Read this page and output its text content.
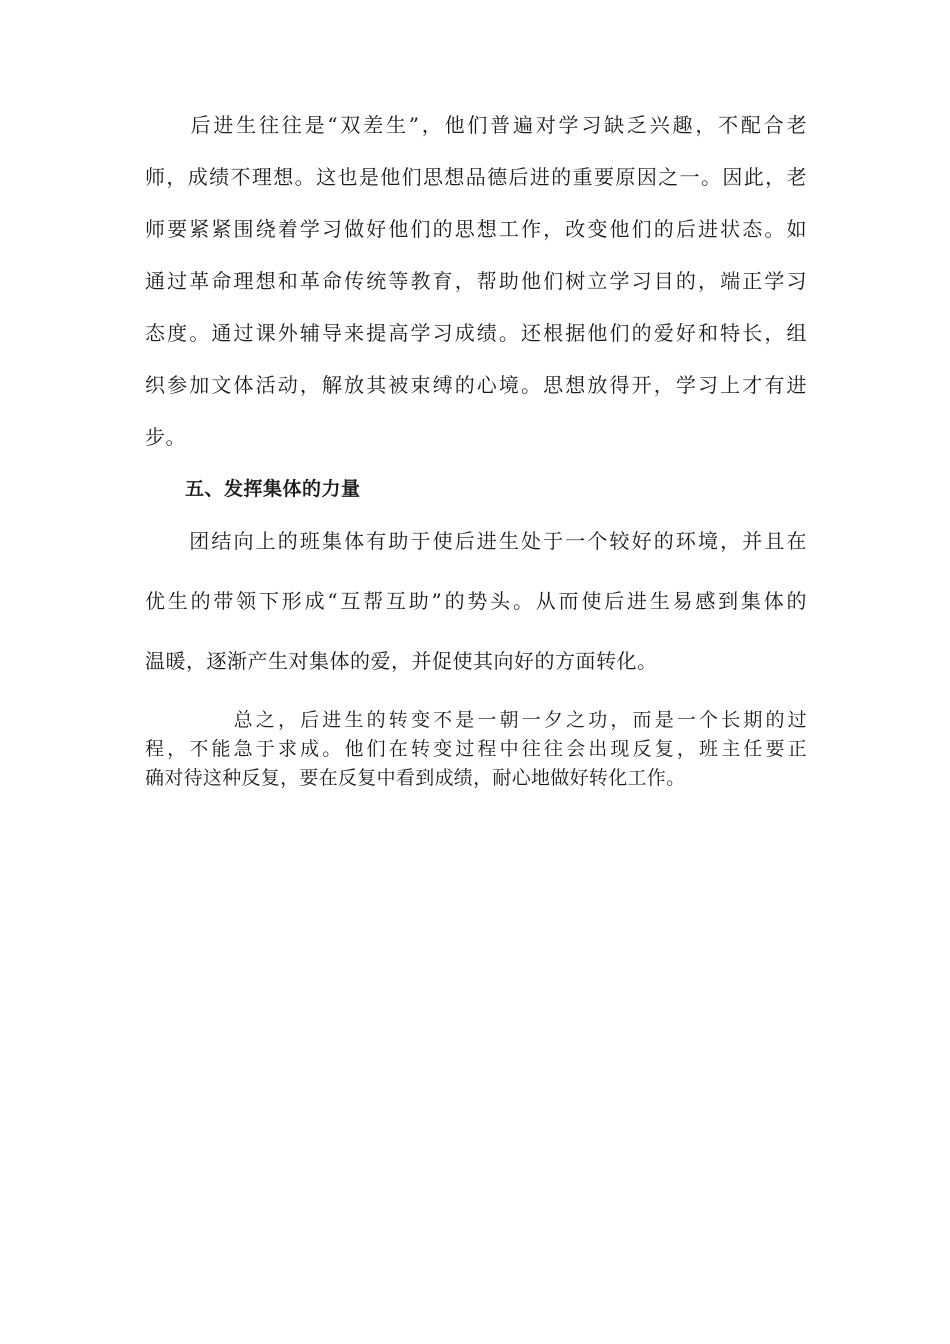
　　后进生往往是“双差生”，他们普遍对学习缺乏兴趣，不配合老
师，成绩不理想。这也是他们思想品德后进的重要原因之一。因此，老
师要紧紧围绕着学习做好他们的思想工作，改变他们的后进状态。如
通过革命理想和革命传统等教育，帮助他们树立学习目的，端正学习
态度。通过课外辅导来提高学习成绩。还根据他们的爱好和特长，组
织参加文体活动，解放其被束缚的心境。思想放得开，学习上才有进
步。
五、发挥集体的力量
　　团结向上的班集体有助于使后进生处于一个较好的环境，并且在
优生的带领下形成“互帮互助”的势头。从而使后进生易感到集体的
温暖，逐渐产生对集体的爱，并促使其向好的方面转化。
　　　　总之，后进生的转变不是一朝一夕之功，而是一个长期的过
程，不能急于求成。他们在转变过程中往往会出现反复，班主任要正
确对待这种反复，要在反复中看到成绩，耐心地做好转化工作。
